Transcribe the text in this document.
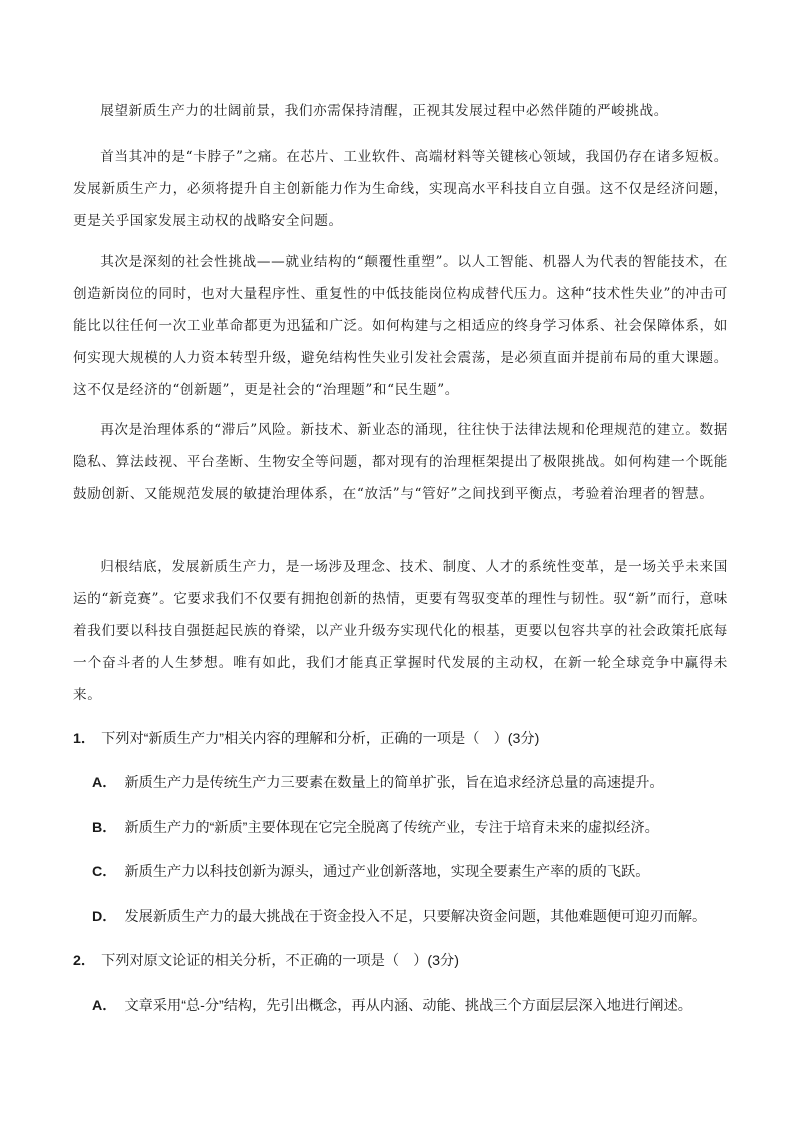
展望新质生产力的壮阔前景，我们亦需保持清醒，正视其发展过程中必然伴随的严峻挑战。

首当其冲的是“卡脖子”之痛。在芯片、工业软件、高端材料等关键核心领域，我国仍存在诸多短板。发展新质生产力，必须将提升自主创新能力作为生命线，实现高水平科技自立自强。这不仅是经济问题，更是关乎国家发展主动权的战略安全问题。

其次是深刻的社会性挑战——就业结构的“颠覆性重塑”。以人工智能、机器人为代表的智能技术，在创造新岗位的同时，也对大量程序性、重复性的中低技能岗位构成替代压力。这种“技术性失业”的冲击可能比以往任何一次工业革命都更为迅猛和广泛。如何构建与之相适应的终身学习体系、社会保障体系，如何实现大规模的人力资本转型升级，避免结构性失业引发社会震荡，是必须直面并提前布局的重大课题。这不仅是经济的“创新题”，更是社会的“治理题”和“民生题”。

再次是治理体系的“滞后”风险。新技术、新业态的涌现，往往快于法律法规和伦理规范的建立。数据隐私、算法歧视、平台垄断、生物安全等问题，都对现有的治理框架提出了极限挑战。如何构建一个既能鼓励创新、又能规范发展的敏捷治理体系，在“放活”与“管好”之间找到平衡点，考验着治理者的智慧。

归根结底，发展新质生产力，是一场涉及理念、技术、制度、人才的系统性变革，是一场关乎未来国运的“新竞赛”。它要求我们不仅要有拥抱创新的热情，更要有驾驭变革的理性与韧性。驭“新”而行，意味着我们要以科技自强挺起民族的脊梁，以产业升级夯实现代化的根基，更要以包容共享的社会政策托底每一个奋斗者的人生梦想。唯有如此，我们才能真正掌握时代发展的主动权，在新一轮全球竞争中赢得未来。

1． 下列对“新质生产力”相关内容的理解和分析，正确的一项是（　）(3分)

A． 新质生产力是传统生产力三要素在数量上的简单扩张，旨在追求经济总量的高速提升。

B． 新质生产力的“新质”主要体现在它完全脱离了传统产业，专注于培育未来的虚拟经济。

C． 新质生产力以科技创新为源头，通过产业创新落地，实现全要素生产率的质的飞跃。

D． 发展新质生产力的最大挑战在于资金投入不足，只要解决资金问题，其他难题便可迎刃而解。

2． 下列对原文论证的相关分析，不正确的一项是（　）(3分)

A． 文章采用“总-分”结构，先引出概念，再从内涵、动能、挑战三个方面层层深入地进行阐述。
